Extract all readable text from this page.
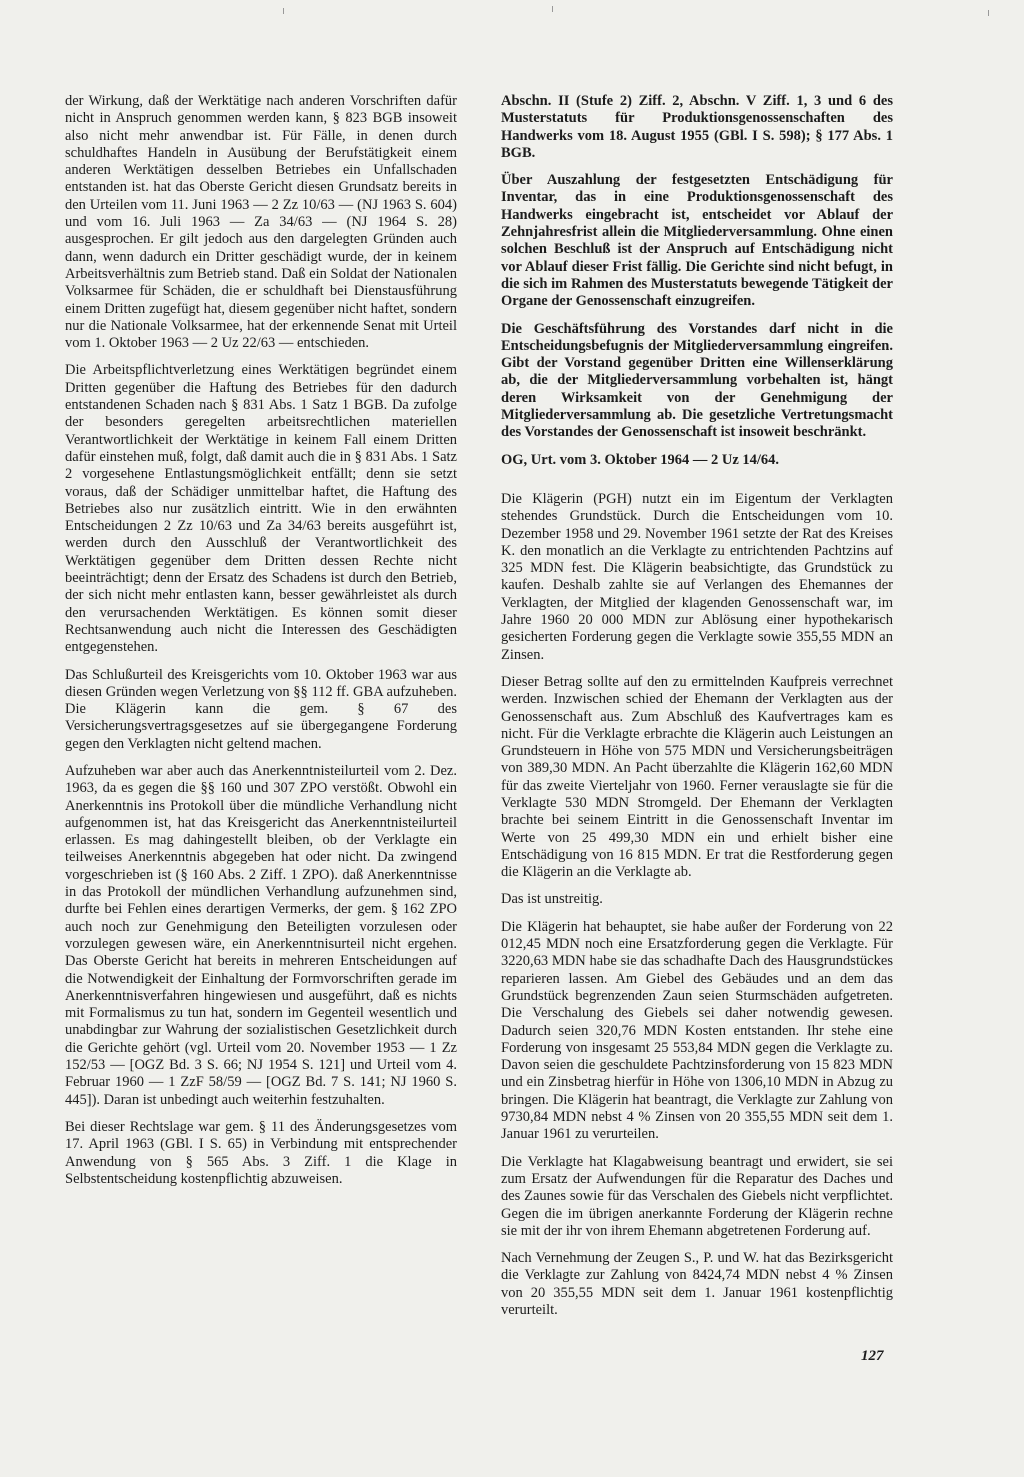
der Wirkung, daß der Werktätige nach anderen Vorschriften dafür nicht in Anspruch genommen werden kann, § 823 BGB insoweit also nicht mehr anwendbar ist. Für Fälle, in denen durch schuldhaftes Handeln in Ausübung der Berufstätigkeit einem anderen Werktätigen desselben Betriebes ein Unfallschaden entstanden ist. hat das Oberste Gericht diesen Grundsatz bereits in den Urteilen vom 11. Juni 1963 — 2 Zz 10/63 — (NJ 1963 S. 604) und vom 16. Juli 1963 — Za 34/63 — (NJ 1964 S. 28) ausgesprochen. Er gilt jedoch aus den dargelegten Gründen auch dann, wenn dadurch ein Dritter geschädigt wurde, der in keinem Arbeitsverhältnis zum Betrieb stand. Daß ein Soldat der Nationalen Volksarmee für Schäden, die er schuldhaft bei Dienstausführung einem Dritten zugefügt hat, diesem gegenüber nicht haftet, sondern nur die Nationale Volksarmee, hat der erkennende Senat mit Urteil vom 1. Oktober 1963 — 2 Uz 22/63 — entschieden.

Die Arbeitspflichtverletzung eines Werktätigen begründet einem Dritten gegenüber die Haftung des Betriebes für den dadurch entstandenen Schaden nach § 831 Abs. 1 Satz 1 BGB. Da zufolge der besonders geregelten arbeitsrechtlichen materiellen Verantwortlichkeit der Werktätige in keinem Fall einem Dritten dafür einstehen muß, folgt, daß damit auch die in § 831 Abs. 1 Satz 2 vorgesehene Entlastungsmöglichkeit entfällt; denn sie setzt voraus, daß der Schädiger unmittelbar haftet, die Haftung des Betriebes also nur zusätzlich eintritt. Wie in den erwähnten Entscheidungen 2 Zz 10/63 und Za 34/63 bereits ausgeführt ist, werden durch den Ausschluß der Verantwortlichkeit des Werktätigen gegenüber dem Dritten dessen Rechte nicht beeinträchtigt; denn der Ersatz des Schadens ist durch den Betrieb, der sich nicht mehr entlasten kann, besser gewährleistet als durch den verursachenden Werktätigen. Es können somit dieser Rechtsanwendung auch nicht die Interessen des Geschädigten entgegenstehen.

Das Schlußurteil des Kreisgerichts vom 10. Oktober 1963 war aus diesen Gründen wegen Verletzung von §§ 112 ff. GBA aufzuheben. Die Klägerin kann die gem. § 67 des Versicherungsvertragsgesetzes auf sie übergegangene Forderung gegen den Verklagten nicht geltend machen.

Aufzuheben war aber auch das Anerkenntnisteilurteil vom 2. Dez. 1963, da es gegen die §§ 160 und 307 ZPO verstößt. Obwohl ein Anerkenntnis ins Protokoll über die mündliche Verhandlung nicht aufgenommen ist, hat das Kreisgericht das Anerkenntnisteilurteil erlassen. Es mag dahingestellt bleiben, ob der Verklagte ein teilweises Anerkenntnis abgegeben hat oder nicht. Da zwingend vorgeschrieben ist (§ 160 Abs. 2 Ziff. 1 ZPO). daß Anerkenntnisse in das Protokoll der mündlichen Verhandlung aufzunehmen sind, durfte bei Fehlen eines derartigen Vermerks, der gem. § 162 ZPO auch noch zur Genehmigung den Beteiligten vorzulesen oder vorzulegen gewesen wäre, ein Anerkenntnisurteil nicht ergehen. Das Oberste Gericht hat bereits in mehreren Entscheidungen auf die Notwendigkeit der Einhaltung der Formvorschriften gerade im Anerkenntnisverfahren hingewiesen und ausgeführt, daß es nichts mit Formalismus zu tun hat, sondern im Gegenteil wesentlich und unabdingbar zur Wahrung der sozialistischen Gesetzlichkeit durch die Gerichte gehört (vgl. Urteil vom 20. November 1953 — 1 Zz 152/53 — [OGZ Bd. 3 S. 66; NJ 1954 S. 121] und Urteil vom 4. Februar 1960 — 1 ZzF 58/59 — [OGZ Bd. 7 S. 141; NJ 1960 S. 445]). Daran ist unbedingt auch weiterhin festzuhalten.

Bei dieser Rechtslage war gem. § 11 des Änderungsgesetzes vom 17. April 1963 (GBl. I S. 65) in Verbindung mit entsprechender Anwendung von § 565 Abs. 3 Ziff. 1 die Klage in Selbstentscheidung kostenpflichtig abzuweisen.

Abschn. II (Stufe 2) Ziff. 2, Abschn. V Ziff. 1, 3 und 6 des Musterstatuts für Produktionsgenossenschaften des Handwerks vom 18. August 1955 (GBl. I S. 598); § 177 Abs. 1 BGB.

Über Auszahlung der festgesetzten Entschädigung für Inventar, das in eine Produktionsgenossenschaft des Handwerks eingebracht ist, entscheidet vor Ablauf der Zehnjahresfrist allein die Mitgliederversammlung. Ohne einen solchen Beschluß ist der Anspruch auf Entschädigung nicht vor Ablauf dieser Frist fällig. Die Gerichte sind nicht befugt, in die sich im Rahmen des Musterstatuts bewegende Tätigkeit der Organe der Genossenschaft einzugreifen.

Die Geschäftsführung des Vorstandes darf nicht in die Entscheidungsbefugnis der Mitgliederversammlung eingreifen. Gibt der Vorstand gegenüber Dritten eine Willenserklärung ab, die der Mitgliederversammlung vorbehalten ist, hängt deren Wirksamkeit von der Genehmigung der Mitgliederversammlung ab. Die gesetzliche Vertretungsmacht des Vorstandes der Genossenschaft ist insoweit beschränkt.

OG, Urt. vom 3. Oktober 1964 — 2 Uz 14/64.

Die Klägerin (PGH) nutzt ein im Eigentum der Verklagten stehendes Grundstück. Durch die Entscheidungen vom 10. Dezember 1958 und 29. November 1961 setzte der Rat des Kreises K. den monatlich an die Verklagte zu entrichtenden Pachtzins auf 325 MDN fest. Die Klägerin beabsichtigte, das Grundstück zu kaufen. Deshalb zahlte sie auf Verlangen des Ehemannes der Verklagten, der Mitglied der klagenden Genossenschaft war, im Jahre 1960 20 000 MDN zur Ablösung einer hypothekarisch gesicherten Forderung gegen die Verklagte sowie 355,55 MDN an Zinsen.

Dieser Betrag sollte auf den zu ermittelnden Kaufpreis verrechnet werden. Inzwischen schied der Ehemann der Verklagten aus der Genossenschaft aus. Zum Abschluß des Kaufvertrages kam es nicht. Für die Verklagte erbrachte die Klägerin auch Leistungen an Grundsteuern in Höhe von 575 MDN und Versicherungsbeiträgen von 389,30 MDN. An Pacht überzahlte die Klägerin 162,60 MDN für das zweite Vierteljahr von 1960. Ferner verauslagte sie für die Verklagte 530 MDN Stromgeld. Der Ehemann der Verklagten brachte bei seinem Eintritt in die Genossenschaft Inventar im Werte von 25 499,30 MDN ein und erhielt bisher eine Entschädigung von 16 815 MDN. Er trat die Restforderung gegen die Klägerin an die Verklagte ab.

Das ist unstreitig.

Die Klägerin hat behauptet, sie habe außer der Forderung von 22 012,45 MDN noch eine Ersatzforderung gegen die Verklagte. Für 3220,63 MDN habe sie das schadhafte Dach des Hausgrundstückes reparieren lassen. Am Giebel des Gebäudes und an dem das Grundstück begrenzenden Zaun seien Sturmschäden aufgetreten. Die Verschalung des Giebels sei daher notwendig gewesen. Dadurch seien 320,76 MDN Kosten entstanden. Ihr stehe eine Forderung von insgesamt 25 553,84 MDN gegen die Verklagte zu. Davon seien die geschuldete Pachtzinsforderung von 15 823 MDN und ein Zinsbetrag hierfür in Höhe von 1306,10 MDN in Abzug zu bringen. Die Klägerin hat beantragt, die Verklagte zur Zahlung von 9730,84 MDN nebst 4 % Zinsen von 20 355,55 MDN seit dem 1. Januar 1961 zu verurteilen.

Die Verklagte hat Klagabweisung beantragt und erwidert, sie sei zum Ersatz der Aufwendungen für die Reparatur des Daches und des Zaunes sowie für das Verschalen des Giebels nicht verpflichtet. Gegen die im übrigen anerkannte Forderung der Klägerin rechne sie mit der ihr von ihrem Ehemann abgetretenen Forderung auf.

Nach Vernehmung der Zeugen S., P. und W. hat das Bezirksgericht die Verklagte zur Zahlung von 8424,74 MDN nebst 4 % Zinsen von 20 355,55 MDN seit dem 1. Januar 1961 kostenpflichtig verurteilt.

127
